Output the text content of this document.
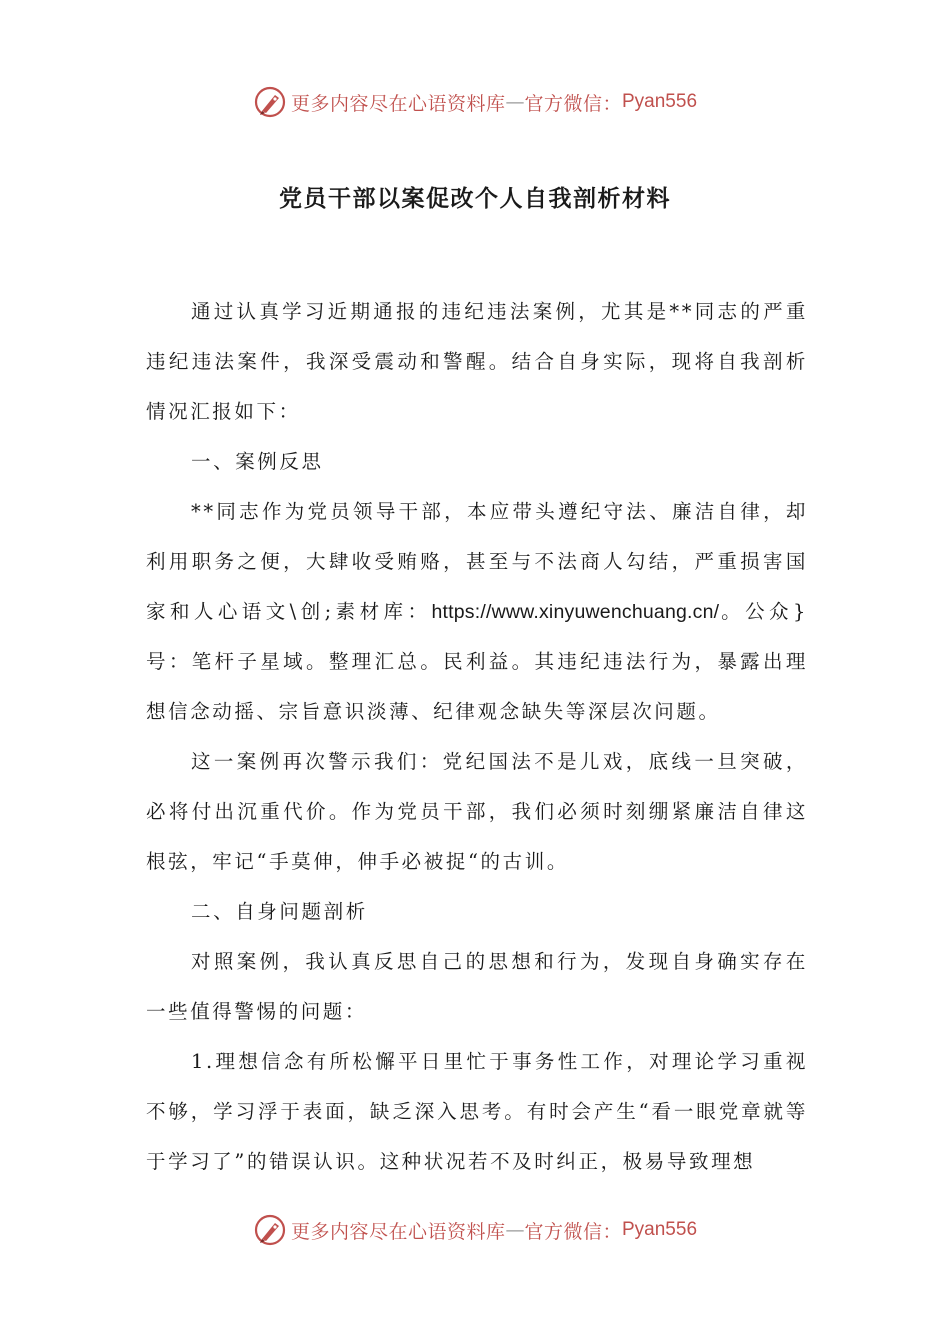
更多内容尽在心语资料库 — 官方微信： Pyan556
党员干部以案促改个人自我剖析材料

通过认真学习近期通报的违纪违法案例，尤其是**同志的严重违纪违法案件，我深受震动和警醒。结合自身实际，现将自我剖析情况汇报如下：

一、案例反思

**同志作为党员领导干部，本应带头遵纪守法、廉洁自律，却利用职务之便，大肆收受贿赂，甚至与不法商人勾结，严重损害国家和人心语文\创;素材库：https://www.xinyuwenchuang.cn/。公众}号：笔杆子星域。整理汇总。民利益。其违纪违法行为，暴露出理想信念动摇、宗旨意识淡薄、纪律观念缺失等深层次问题。

这一案例再次警示我们：党纪国法不是儿戏，底线一旦突破，必将付出沉重代价。作为党员干部，我们必须时刻绷紧廉洁自律这根弦，牢记“手莫伸，伸手必被捉“的古训。

二、自身问题剖析

对照案例，我认真反思自己的思想和行为，发现自身确实存在一些值得警惕的问题：

1.理想信念有所松懈平日里忙于事务性工作，对理论学习重视不够，学习浮于表面，缺乏深入思考。有时会产生“看一眼党章就等于学习了”的错误认识。这种状况若不及时纠正，极易导致理想

更多内容尽在心语资料库 — 官方微信： Pyan556
